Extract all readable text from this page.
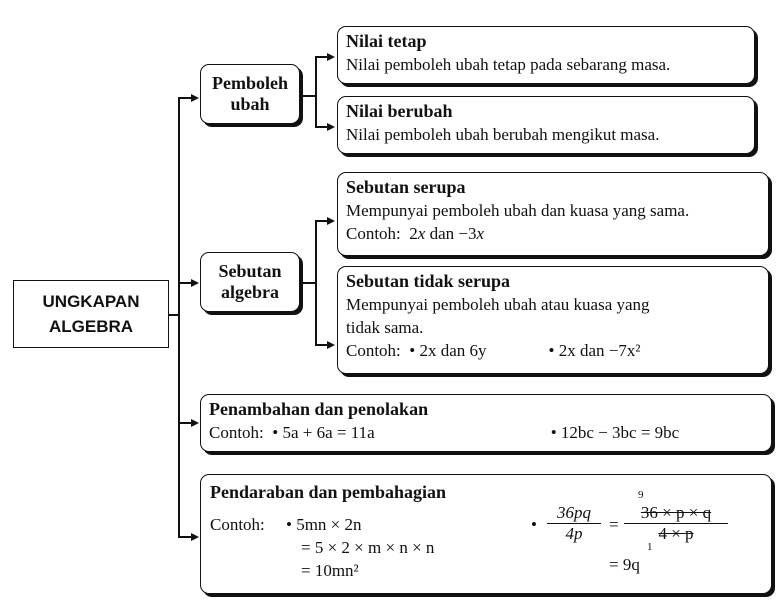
UNGKAPAN
ALGEBRA
Pemboleh
ubah
Sebutan
algebra
Nilai tetap
Nilai pemboleh ubah tetap pada sebarang masa.
Nilai berubah
Nilai pemboleh ubah berubah mengikut masa.
Sebutan serupa
Mempunyai pemboleh ubah dan kuasa yang sama.
Contoh: 2x dan −3x
Sebutan tidak serupa
Mempunyai pemboleh ubah atau kuasa yang
tidak sama.
Contoh: • 2x dan 6y	• 2x dan −7x²
Penambahan dan penolakan
Contoh: • 5a + 6a = 11a	• 12bc − 3bc = 9bc
Pendaraban dan pembahagian
Contoh: • 5mn × 2n
= 5 × 2 × m × n × n
= 10mn²
• $\frac{36pq}{4p}$ =
9
$\frac{36 \times p \times q}{4 \times p}$
1
= 9q
